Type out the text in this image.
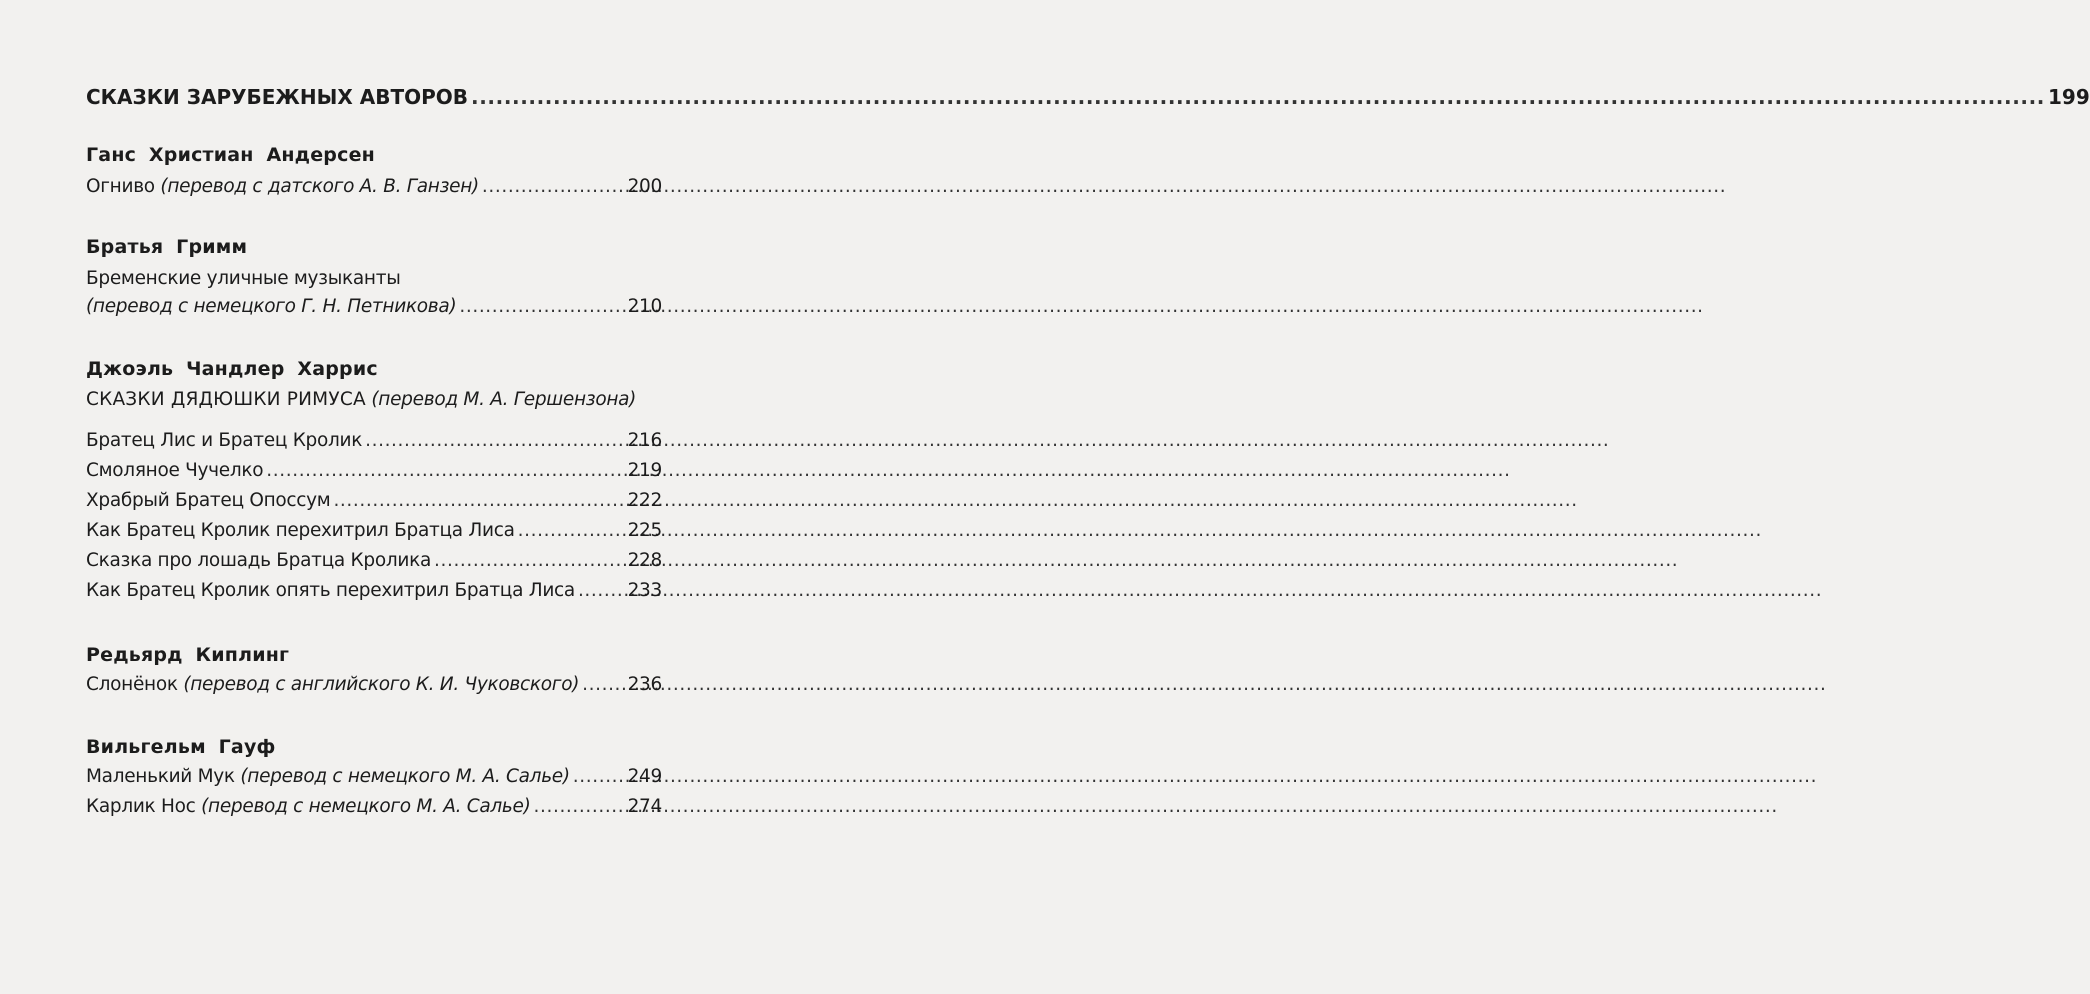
СКАЗКИ ЗАРУБЕЖНЫХ АВТОРОВ .....	199
Ганс Христиан Андерсен
Огниво
(перевод с датского А. В. Ганзен) .....	200
Братья Гримм
Бременские уличные музыканты
(перевод с немецкого Г. Н. Петникова) .....	210
Джоэль Чандлер Харрис
СКАЗКИ ДЯДЮШКИ РИМУСА (перевод М. А. Гершензона)
Братец Лис и Братец Кролик .....	216
Смоляное Чучелко .....	219
Храбрый Братец Опоссум .....	222
Как Братец Кролик перехитрил Братца Лиса .....	225
Сказка про лошадь Братца Кролика .....	228
Как Братец Кролик опять перехитрил Братца Лиса .....	233
Редьярд Киплинг
Слонёнок
(перевод с английского К. И. Чуковского) .....	236
Вильгельм Гауф
Маленький Мук
(перевод с немецкого М. А. Салье) .....	249
Карлик Нос
(перевод с немецкого М. А. Салье) .....	274
